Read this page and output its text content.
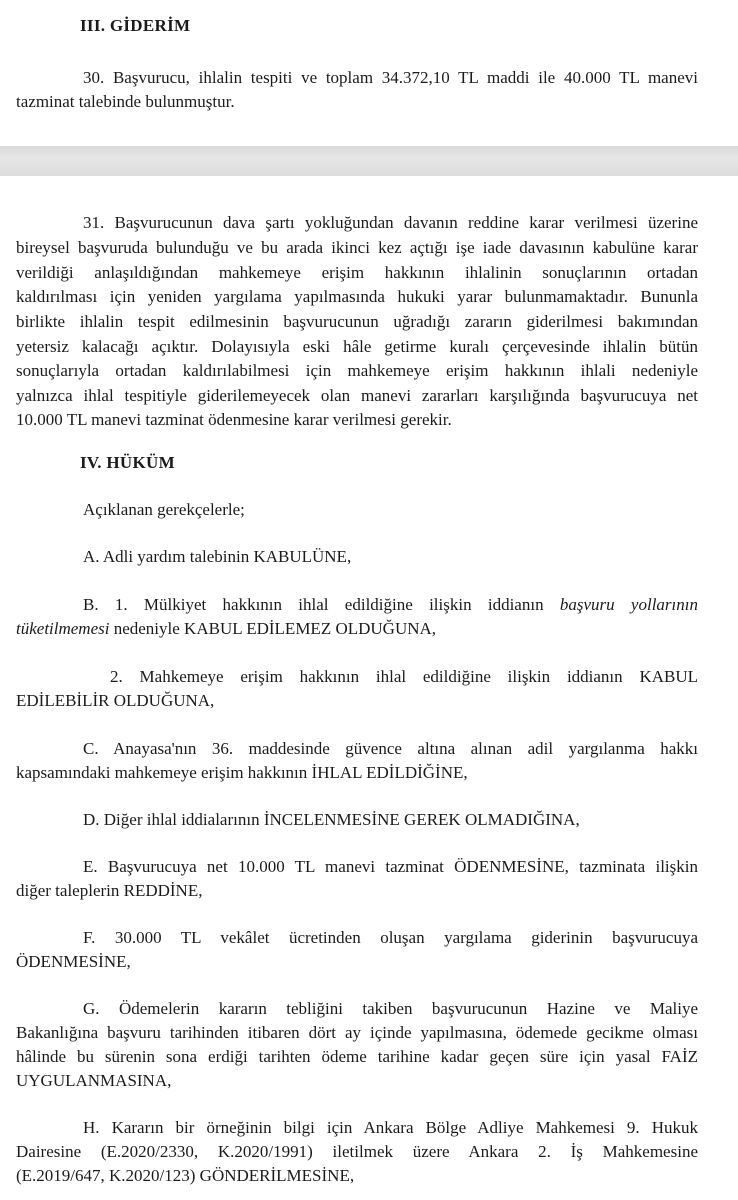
III. GİDERİM

30. Başvurucu, ihlalin tespiti ve toplam 34.372,10 TL maddi ile 40.000 TL manevi

tazminat talebinde bulunmuştur.

31. Başvurucunun dava şartı yokluğundan davanın reddine karar verilmesi üzerine

bireysel başvuruda bulunduğu ve bu arada ikinci kez açtığı işe iade davasının kabulüne karar

verildiği anlaşıldığından mahkemeye erişim hakkının ihlalinin sonuçlarının ortadan

kaldırılması için yeniden yargılama yapılmasında hukuki yarar bulunmamaktadır. Bununla

birlikte ihlalin tespit edilmesinin başvurucunun uğradığı zararın giderilmesi bakımından

yetersiz kalacağı açıktır. Dolayısıyla eski hâle getirme kuralı çerçevesinde ihlalin bütün

sonuçlarıyla ortadan kaldırılabilmesi için mahkemeye erişim hakkının ihlali nedeniyle

yalnızca ihlal tespitiyle giderilemeyecek olan manevi zararları karşılığında başvurucuya net

10.000 TL manevi tazminat ödenmesine karar verilmesi gerekir.

IV. HÜKÜM

Açıklanan gerekçelerle;

A. Adli yardım talebinin KABULÜNE,

B. 1. Mülkiyet hakkının ihlal edildiğine ilişkin iddianın başvuru yollarının

tüketilmemesi nedeniyle KABUL EDİLEMEZ OLDUĞUNA,

2. Mahkemeye erişim hakkının ihlal edildiğine ilişkin iddianın KABUL

EDİLEBİLİR OLDUĞUNA,

C. Anayasa'nın 36. maddesinde güvence altına alınan adil yargılanma hakkı

kapsamındaki mahkemeye erişim hakkının İHLAL EDİLDİĞİNE,

D. Diğer ihlal iddialarının İNCELENMESİNE GEREK OLMADIĞINA,

E. Başvurucuya net 10.000 TL manevi tazminat ÖDENMESİNE, tazminata ilişkin

diğer taleplerin REDDİNE,

F. 30.000 TL vekâlet ücretinden oluşan yargılama giderinin başvurucuya

ÖDENMESİNE,

G. Ödemelerin kararın tebliğini takiben başvurucunun Hazine ve Maliye

Bakanlığına başvuru tarihinden itibaren dört ay içinde yapılmasına, ödemede gecikme olması

hâlinde bu sürenin sona erdiği tarihten ödeme tarihine kadar geçen süre için yasal FAİZ

UYGULANMASINA,

H. Kararın bir örneğinin bilgi için Ankara Bölge Adliye Mahkemesi 9. Hukuk

Dairesine (E.2020/2330, K.2020/1991) iletilmek üzere Ankara 2. İş Mahkemesine

(E.2019/647, K.2020/123) GÖNDERİLMESİNE,
